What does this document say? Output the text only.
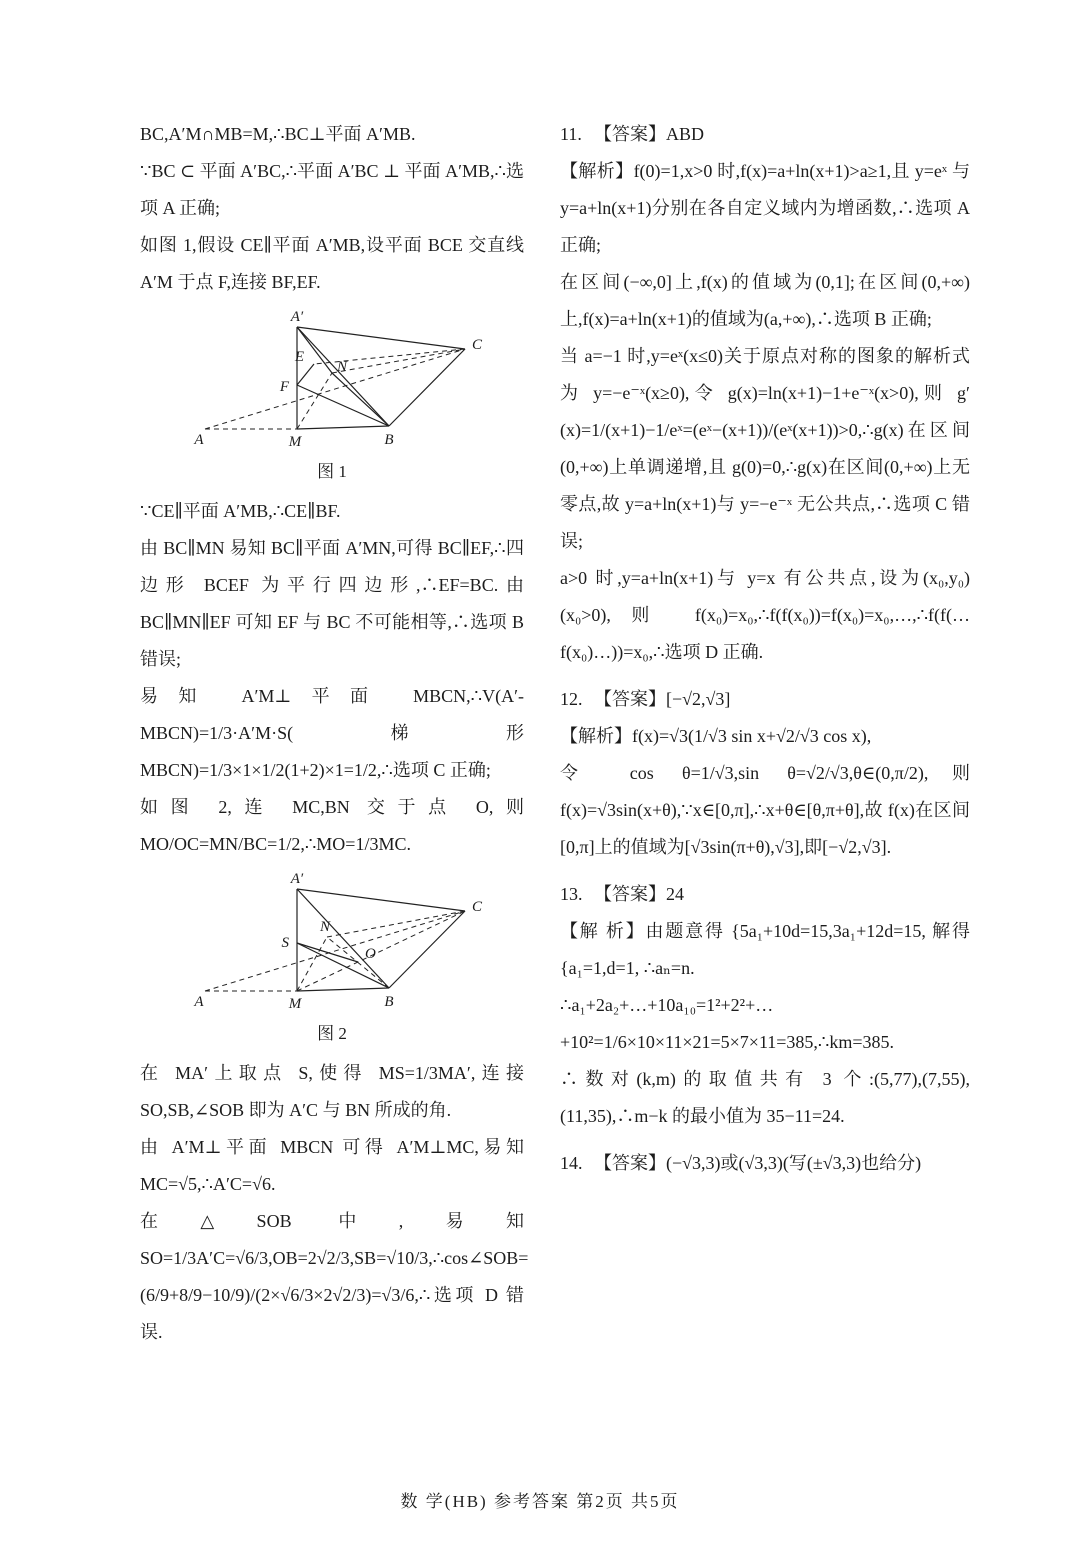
BC,A′M∩MB=M,∴BC⊥平面 A′MB.

∵BC ⊂ 平面 A′BC,∴平面 A′BC ⊥ 平面 A′MB,∴选项 A 正确;

如图 1,假设 CE∥平面 A′MB,设平面 BCE 交直线 A′M 于点 F,连接 BF,EF.

A′
C
E
F
N
A	M	B
图 1

∵CE∥平面 A′MB,∴CE∥BF.

由 BC∥MN 易知 BC∥平面 A′MN,可得 BC∥EF,∴四边形 BCEF 为平行四边形,∴EF=BC.由 BC∥MN∥EF 可知 EF 与 BC 不可能相等,∴选项 B 错误;

易知 A′M⊥平面 MBCN,∴V(A′-MBCN)=1/3·A′M·S(梯形MBCN)=1/3×1×1/2(1+2)×1=1/2,∴选项 C 正确;

如图 2,连 MC,BN 交于点 O,则 MO/OC=MN/BC=1/2,∴MO=1/3MC.

A′
C
S
N
O
A	M	B
图 2

在 MA′上取点 S,使得 MS=1/3MA′,连接 SO,SB,∠SOB 即为 A′C 与 BN 所成的角.

由 A′M⊥平面 MBCN 可得 A′M⊥MC,易知 MC=√5,∴A′C=√6.

在△SOB 中,易知 SO=1/3A′C=√6/3,OB=2√2/3,SB=√10/3,∴cos∠SOB=(6/9+8/9−10/9)/(2×√6/3×2√2/3)=√3/6,∴选项 D 错误.

11. 【答案】ABD

【解析】f(0)=1,x>0 时,f(x)=a+ln(x+1)>a≥1,且 y=eˣ 与 y=a+ln(x+1)分别在各自定义域内为增函数,∴选项 A 正确;

在区间(−∞,0]上,f(x)的值域为(0,1];在区间(0,+∞)上,f(x)=a+ln(x+1)的值域为(a,+∞),∴选项 B 正确;

当 a=−1 时,y=eˣ(x≤0)关于原点对称的图象的解析式为 y=−e⁻ˣ(x≥0),令 g(x)=ln(x+1)−1+e⁻ˣ(x>0),则 g′(x)=1/(x+1)−1/eˣ=(eˣ−(x+1))/(eˣ(x+1))>0,∴g(x)在区间(0,+∞)上单调递增,且 g(0)=0,∴g(x)在区间(0,+∞)上无零点,故 y=a+ln(x+1)与 y=−e⁻ˣ 无公共点,∴选项 C 错误;

a>0 时,y=a+ln(x+1)与 y=x 有公共点,设为(x₀,y₀)(x₀>0),则 f(x₀)=x₀,∴f(f(x₀))=f(x₀)=x₀,…,∴f(f(…f(x₀)…))=x₀,∴选项 D 正确.

12. 【答案】[−√2,√3]

【解析】f(x)=√3(1/√3 sin x+√2/√3 cos x),

令 cos θ=1/√3,sin θ=√2/√3,θ∈(0,π/2),则 f(x)=√3sin(x+θ),∵x∈[0,π],∴x+θ∈[θ,π+θ],故 f(x)在区间[0,π]上的值域为[√3sin(π+θ),√3],即[−√2,√3].

13. 【答案】24

【解 析】由题意得 {5a₁+10d=15,3a₁+12d=15, 解得 {a₁=1,d=1, ∴aₙ=n.

∴a₁+2a₂+…+10a₁₀=1²+2²+…+10²=1/6×10×11×21=5×7×11=385,∴km=385.

∴数对(k,m)的取值共有 3 个:(5,77),(7,55),(11,35),∴m−k 的最小值为 35−11=24.

14. 【答案】(−√3,3)或(√3,3)(写(±√3,3)也给分)

数 学(HB) 参考答案 第2页 共5页
